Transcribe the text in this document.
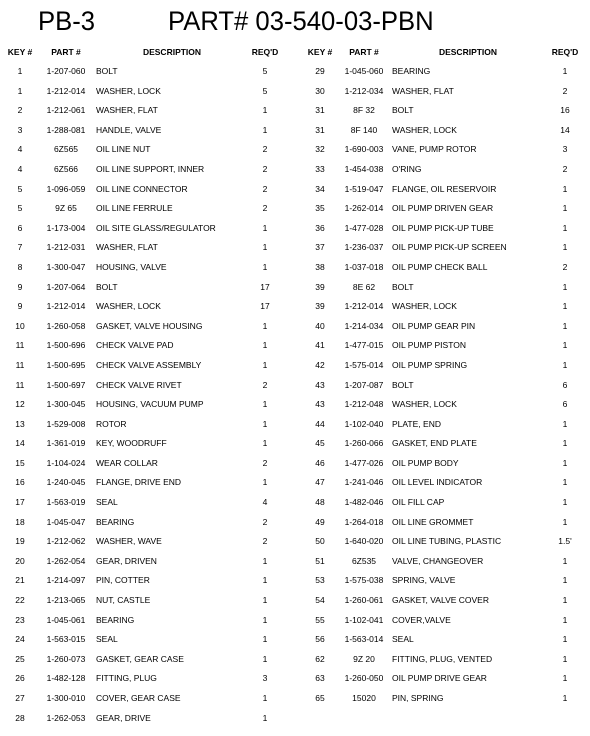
PB-3	PART# 03-540-03-PBN
KEY #	PART #	DESCRIPTION	REQ'D
1	1-207-060	BOLT	5
1	1-212-014	WASHER, LOCK	5
2	1-212-061	WASHER, FLAT	1
3	1-288-081	HANDLE, VALVE	1
4	6Z565	OIL LINE NUT	2
4	6Z566	OIL LINE SUPPORT, INNER	2
5	1-096-059	OIL LINE CONNECTOR	2
5	9Z 65	OIL LINE FERRULE	2
6	1-173-004	OIL SITE GLASS/REGULATOR	1
7	1-212-031	WASHER, FLAT	1
8	1-300-047	HOUSING, VALVE	1
9	1-207-064	BOLT	17
9	1-212-014	WASHER, LOCK	17
10	1-260-058	GASKET, VALVE HOUSING	1
11	1-500-696	CHECK VALVE PAD	1
11	1-500-695	CHECK VALVE ASSEMBLY	1
11	1-500-697	CHECK VALVE RIVET	2
12	1-300-045	HOUSING, VACUUM PUMP	1
13	1-529-008	ROTOR	1
14	1-361-019	KEY, WOODRUFF	1
15	1-104-024	WEAR COLLAR	2
16	1-240-045	FLANGE, DRIVE END	1
17	1-563-019	SEAL	4
18	1-045-047	BEARING	2
19	1-212-062	WASHER, WAVE	2
20	1-262-054	GEAR, DRIVEN	1
21	1-214-097	PIN, COTTER	1
22	1-213-065	NUT, CASTLE	1
23	1-045-061	BEARING	1
24	1-563-015	SEAL	1
25	1-260-073	GASKET, GEAR CASE	1
26	1-482-128	FITTING, PLUG	3
27	1-300-010	COVER, GEAR CASE	1
28	1-262-053	GEAR, DRIVE	1
KEY #	PART #	DESCRIPTION	REQ'D
29	1-045-060	BEARING	1
30	1-212-034	WASHER, FLAT	2
31	8F 32	BOLT	16
31	8F 140	WASHER, LOCK	14
32	1-690-003	VANE, PUMP ROTOR	3
33	1-454-038	O'RING	2
34	1-519-047	FLANGE, OIL RESERVOIR	1
35	1-262-014	OIL PUMP DRIVEN GEAR	1
36	1-477-028	OIL PUMP PICK-UP TUBE	1
37	1-236-037	OIL PUMP PICK-UP SCREEN	1
38	1-037-018	OIL PUMP CHECK BALL	2
39	8E 62	BOLT	1
39	1-212-014	WASHER, LOCK	1
40	1-214-034	OIL PUMP GEAR PIN	1
41	1-477-015	OIL PUMP PISTON	1
42	1-575-014	OIL PUMP SPRING	1
43	1-207-087	BOLT	6
43	1-212-048	WASHER, LOCK	6
44	1-102-040	PLATE, END	1
45	1-260-066	GASKET, END PLATE	1
46	1-477-026	OIL PUMP BODY	1
47	1-241-046	OIL LEVEL INDICATOR	1
48	1-482-046	OIL FILL CAP	1
49	1-264-018	OIL LINE GROMMET	1
50	1-640-020	OIL LINE TUBING, PLASTIC	1.5'
51	6Z535	VALVE, CHANGEOVER	1
53	1-575-038	SPRING, VALVE	1
54	1-260-061	GASKET, VALVE COVER	1
55	1-102-041	COVER,VALVE	1
56	1-563-014	SEAL	1
62	9Z 20	FITTING, PLUG, VENTED	1
63	1-260-050	OIL PUMP DRIVE GEAR	1
65	15020	PIN, SPRING	1
